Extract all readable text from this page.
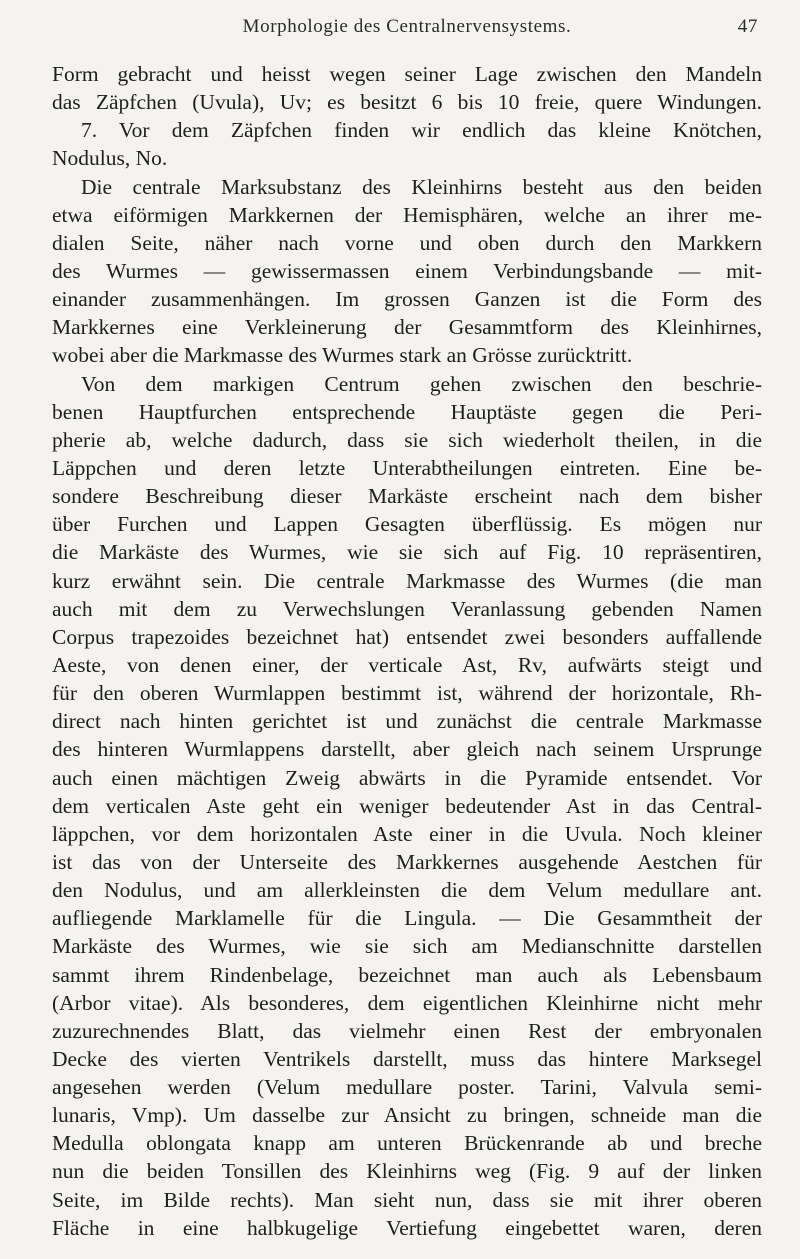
Morphologie des Centralnervensystems.	47
Form gebracht und heisst wegen seiner Lage zwischen den Mandeln
das Zäpfchen (Uvula), Uv; es besitzt 6 bis 10 freie, quere Windungen.
7. Vor dem Zäpfchen finden wir endlich das kleine Knötchen,
Nodulus, No.
Die centrale Marksubstanz des Kleinhirns besteht aus den beiden
etwa eiförmigen Markkernen der Hemisphären, welche an ihrer me-
dialen Seite, näher nach vorne und oben durch den Markkern
des Wurmes — gewissermassen einem Verbindungsbande — mit-
einander zusammenhängen. Im grossen Ganzen ist die Form des
Markkernes eine Verkleinerung der Gesammtform des Kleinhirnes,
wobei aber die Markmasse des Wurmes stark an Grösse zurücktritt.
Von dem markigen Centrum gehen zwischen den beschrie-
benen Hauptfurchen entsprechende Hauptäste gegen die Peri-
pherie ab, welche dadurch, dass sie sich wiederholt theilen, in die
Läppchen und deren letzte Unterabtheilungen eintreten. Eine be-
sondere Beschreibung dieser Markäste erscheint nach dem bisher
über Furchen und Lappen Gesagten überflüssig. Es mögen nur
die Markäste des Wurmes, wie sie sich auf Fig. 10 repräsentiren,
kurz erwähnt sein. Die centrale Markmasse des Wurmes (die man
auch mit dem zu Verwechslungen Veranlassung gebenden Namen
Corpus trapezoides bezeichnet hat) entsendet zwei besonders auffallende
Aeste, von denen einer, der verticale Ast, Rv, aufwärts steigt und
für den oberen Wurmlappen bestimmt ist, während der horizontale, Rh-
direct nach hinten gerichtet ist und zunächst die centrale Markmasse
des hinteren Wurmlappens darstellt, aber gleich nach seinem Ursprunge
auch einen mächtigen Zweig abwärts in die Pyramide entsendet. Vor
dem verticalen Aste geht ein weniger bedeutender Ast in das Central-
läppchen, vor dem horizontalen Aste einer in die Uvula. Noch kleiner
ist das von der Unterseite des Markkernes ausgehende Aestchen für
den Nodulus, und am allerkleinsten die dem Velum medullare ant.
aufliegende Marklamelle für die Lingula. — Die Gesammtheit der
Markäste des Wurmes, wie sie sich am Medianschnitte darstellen
sammt ihrem Rindenbelage, bezeichnet man auch als Lebensbaum
(Arbor vitae). Als besonderes, dem eigentlichen Kleinhirne nicht mehr
zuzurechnendes Blatt, das vielmehr einen Rest der embryonalen
Decke des vierten Ventrikels darstellt, muss das hintere Marksegel
angesehen werden (Velum medullare poster. Tarini, Valvula semi-
lunaris, Vmp). Um dasselbe zur Ansicht zu bringen, schneide man die
Medulla oblongata knapp am unteren Brückenrande ab und breche
nun die beiden Tonsillen des Kleinhirns weg (Fig. 9 auf der linken
Seite, im Bilde rechts). Man sieht nun, dass sie mit ihrer oberen
Fläche in eine halbkugelige Vertiefung eingebettet waren, deren
